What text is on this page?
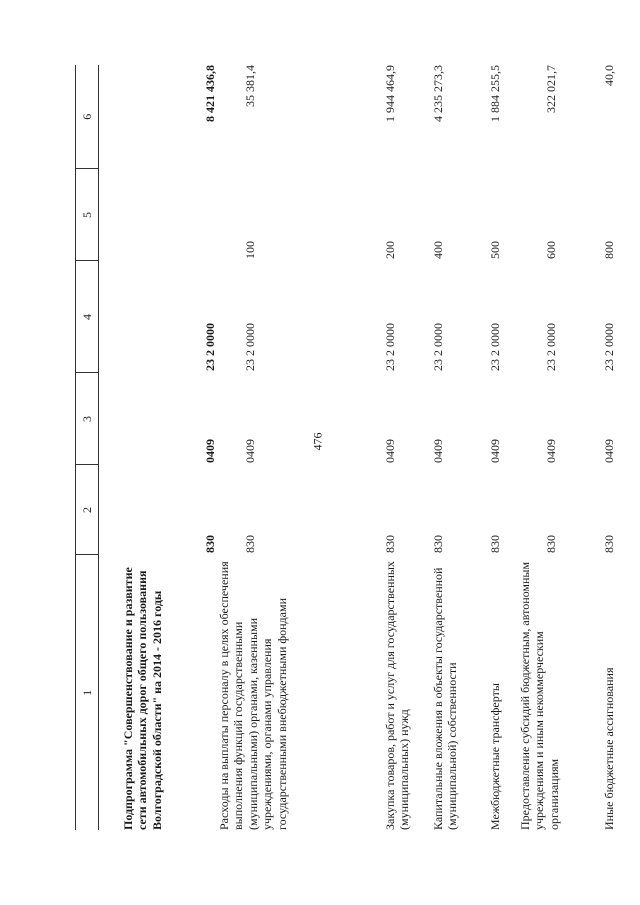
476
1	2	3	4	5	6
Подпрограмма "Совершенствование и развитие сети автомобильных дорог общего пользования Волгоградской области" на 2014 - 2016 годы	830	0409	23 2 0000		8 421 436,8
Расходы на выплаты персоналу в целях обеспечения выполнения функций государственными (муниципальными) органами, казенными учреждениями, органами управления государственными внебюджетными фондами	830	0409	23 2 0000	100	35 381,4
Закупка товаров, работ и услуг для государственных (муниципальных) нужд	830	0409	23 2 0000	200	1 944 464,9
Капитальные вложения в объекты государственной (муниципальной) собственности	830	0409	23 2 0000	400	4 235 273,3
Межбюджетные трансферты	830	0409	23 2 0000	500	1 884 255,5
Предоставление субсидий бюджетным, автономным учреждениям и иным некоммерческим организациям	830	0409	23 2 0000	600	322 021,7
Иные бюджетные ассигнования	830	0409	23 2 0000	800	40,0
